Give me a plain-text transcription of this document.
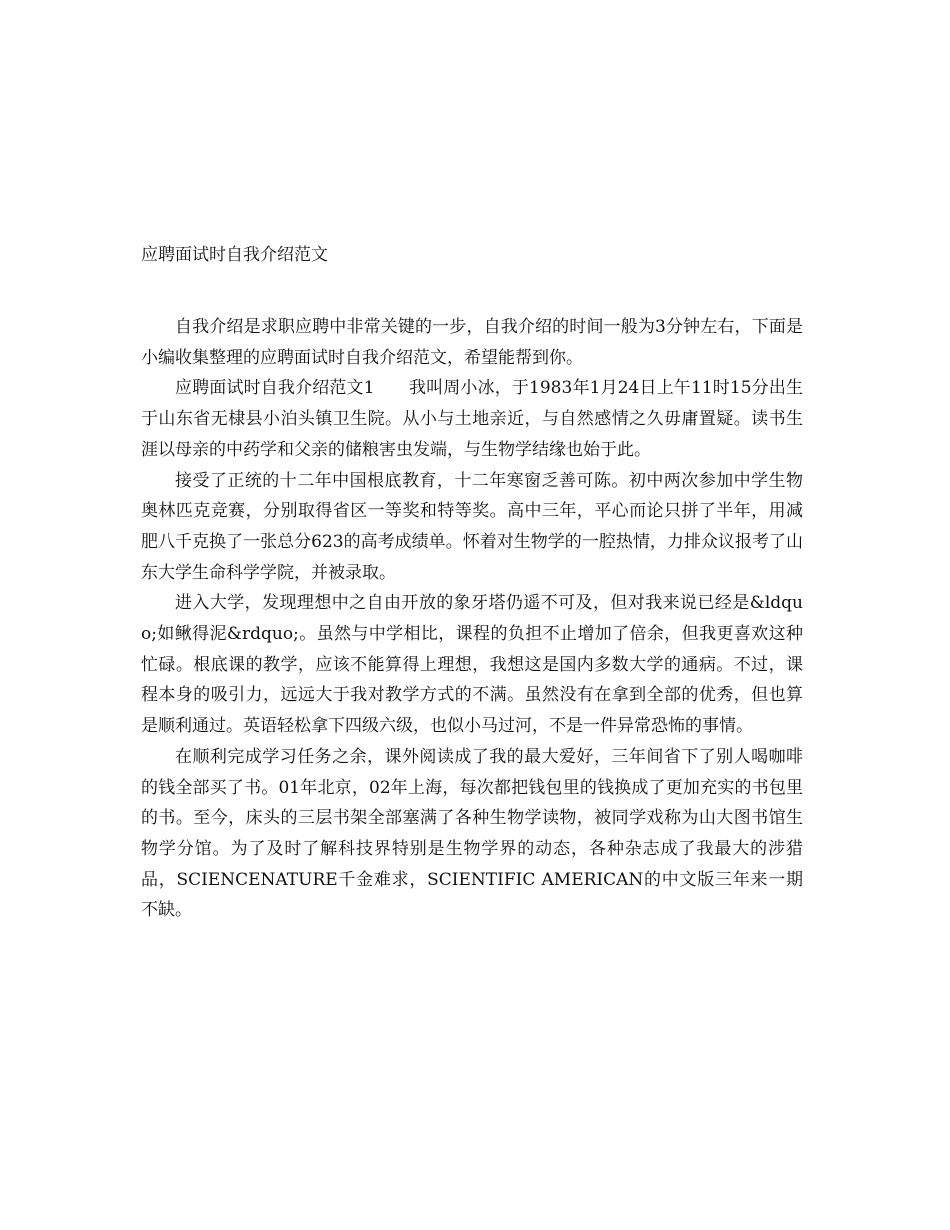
应聘面试时自我介绍范文

自我介绍是求职应聘中非常关键的一步，自我介绍的时间一般为3分钟左右，下面是小编收集整理的应聘面试时自我介绍范文，希望能帮到你。

应聘面试时自我介绍范文1　　我叫周小冰，于1983年1月24日上午11时15分出生于山东省无棣县小泊头镇卫生院。从小与土地亲近，与自然感情之久毋庸置疑。读书生涯以母亲的中药学和父亲的储粮害虫发端，与生物学结缘也始于此。

接受了正统的十二年中国根底教育，十二年寒窗乏善可陈。初中两次参加中学生物奥林匹克竞赛，分别取得省区一等奖和特等奖。高中三年，平心而论只拼了半年，用减肥八千克换了一张总分623的高考成绩单。怀着对生物学的一腔热情，力排众议报考了山东大学生命科学学院，并被录取。

进入大学，发现理想中之自由开放的象牙塔仍遥不可及，但对我来说已经是&ldquo;如鳅得泥&rdquo;。虽然与中学相比，课程的负担不止增加了倍余，但我更喜欢这种忙碌。根底课的教学，应该不能算得上理想，我想这是国内多数大学的通病。不过，课程本身的吸引力，远远大于我对教学方式的不满。虽然没有在拿到全部的优秀，但也算是顺利通过。英语轻松拿下四级六级，也似小马过河，不是一件异常恐怖的事情。

在顺利完成学习任务之余，课外阅读成了我的最大爱好，三年间省下了别人喝咖啡的钱全部买了书。01年北京，02年上海，每次都把钱包里的钱换成了更加充实的书包里的书。至今，床头的三层书架全部塞满了各种生物学读物，被同学戏称为山大图书馆生物学分馆。为了及时了解科技界特别是生物学界的动态，各种杂志成了我最大的涉猎品，SCIENCENATURE千金难求，SCIENTIFIC AMERICAN的中文版三年来一期不缺。
